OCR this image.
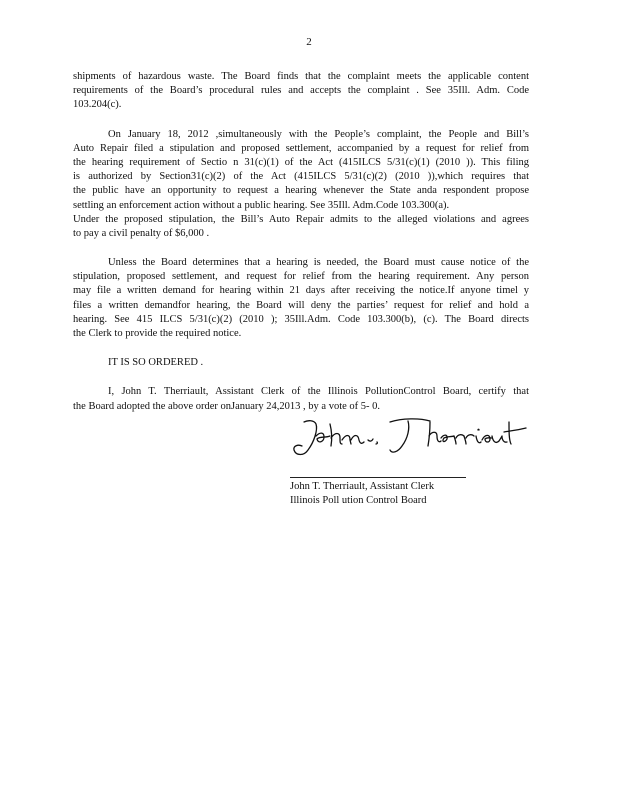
2
shipments of hazardous waste. The Board finds that the complaint meets the applicable content
requirements of the Board’s procedural rules and accepts the complaint . See 35Ill. Adm. Code
103.204(c).
On January 18, 2012 ,simultaneously with the People’s complaint, the People and Bill’s
Auto Repair filed a stipulation and proposed settlement, accompanied by a request for relief from
the hearing requirement of Sectio n 31(c)(1) of the Act (415ILCS 5/31(c)(1) (2010 )). This filing
is authorized by Section31(c)(2) of the Act (415ILCS 5/31(c)(2) (2010 )),which requires that
the public have an opportunity to request a hearing whenever the State anda respondent propose
settling an enforcement action without a public hearing. See 35Ill. Adm.Code 103.300(a).
Under the proposed stipulation, the Bill’s Auto Repair admits to the alleged violations and agrees
to pay a civil penalty of $6,000 .
Unless the Board determines that a hearing is needed, the Board must cause notice of the
stipulation, proposed settlement, and request for relief from the hearing requirement. Any person
may file a written demand for hearing within 21 days after receiving the notice.If anyone timel y
files a written demandfor hearing, the Board will deny the parties’ request for relief and hold a
hearing. See 415 ILCS 5/31(c)(2) (2010 ); 35Ill.Adm. Code 103.300(b), (c). The Board directs
the Clerk to provide the required notice.
IT IS SO ORDERED .
I, John T. Therriault, Assistant Clerk of the Illinois PollutionControl Board, certify that
the Board adopted the above order onJanuary 24,2013 , by a vote of 5- 0.
John T. Therriault, Assistant Clerk
Illinois Poll ution Control Board
